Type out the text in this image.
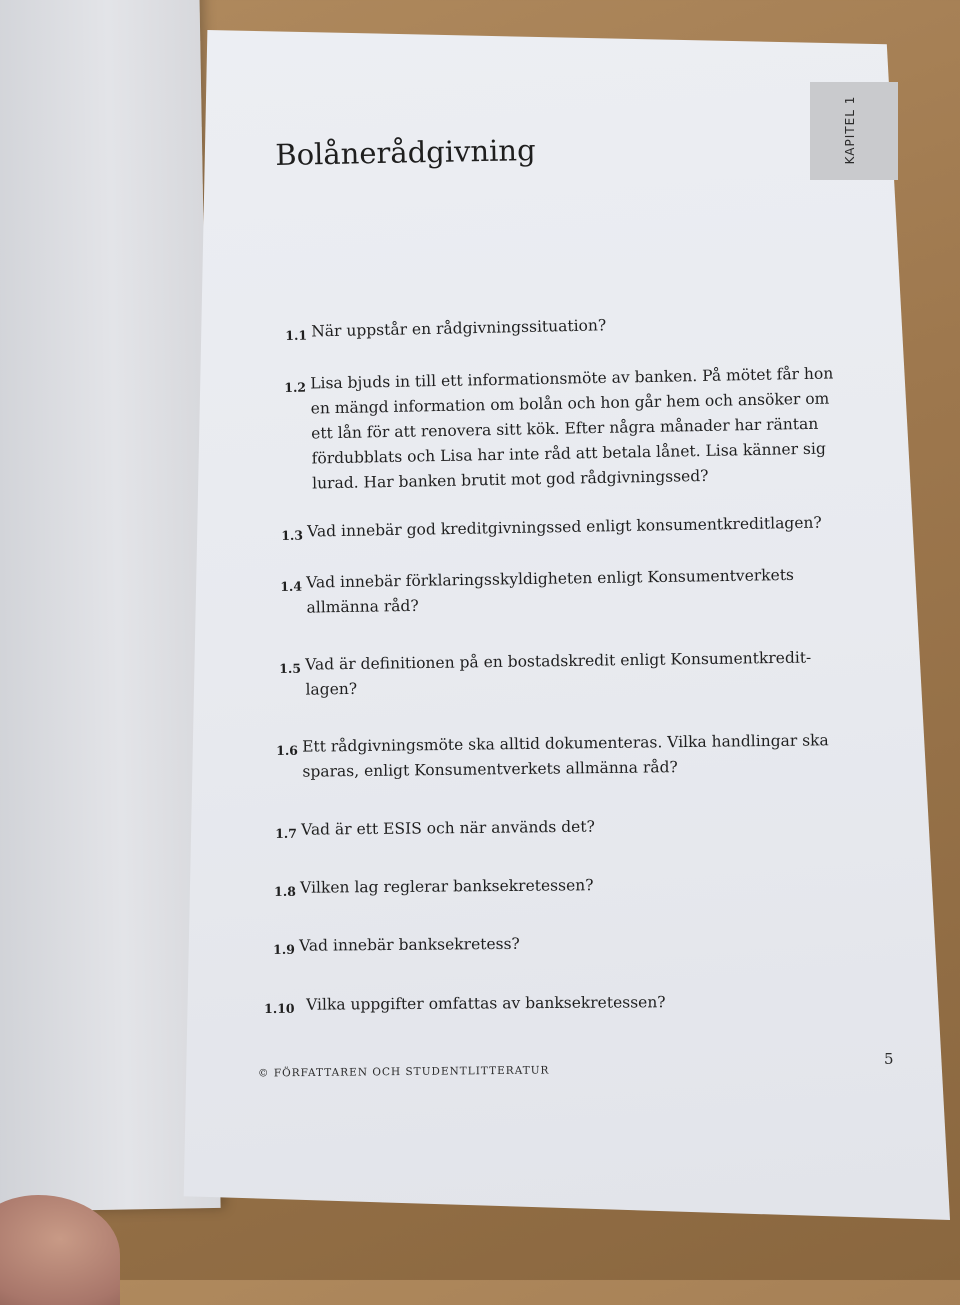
KAPITEL 1
Bolånerådgivning
1.1 När uppstår en rådgivningssituation?
1.2 Lisa bjuds in till ett informationsmöte av banken. På mötet får hon en mängd information om bolån och hon går hem och ansöker om ett lån för att renovera sitt kök. Efter några månader har räntan fördubblats och Lisa har inte råd att betala lånet. Lisa känner sig lurad. Har banken brutit mot god rådgivningssed?
1.3 Vad innebär god kreditgivningssed enligt konsumentkreditlagen?
1.4 Vad innebär förklaringsskyldigheten enligt Konsumentverkets allmänna råd?
1.5 Vad är definitionen på en bostadskredit enligt Konsumentkredit-lagen?
1.6 Ett rådgivningsmöte ska alltid dokumenteras. Vilka handlingar ska sparas, enligt Konsumentverkets allmänna råd?
1.7 Vad är ett ESIS och när används det?
1.8 Vilken lag reglerar banksekretessen?
1.9 Vad innebär banksekretess?
1.10 Vilka uppgifter omfattas av banksekretessen?
© FÖRFATTAREN OCH STUDENTLITTERATUR
5
